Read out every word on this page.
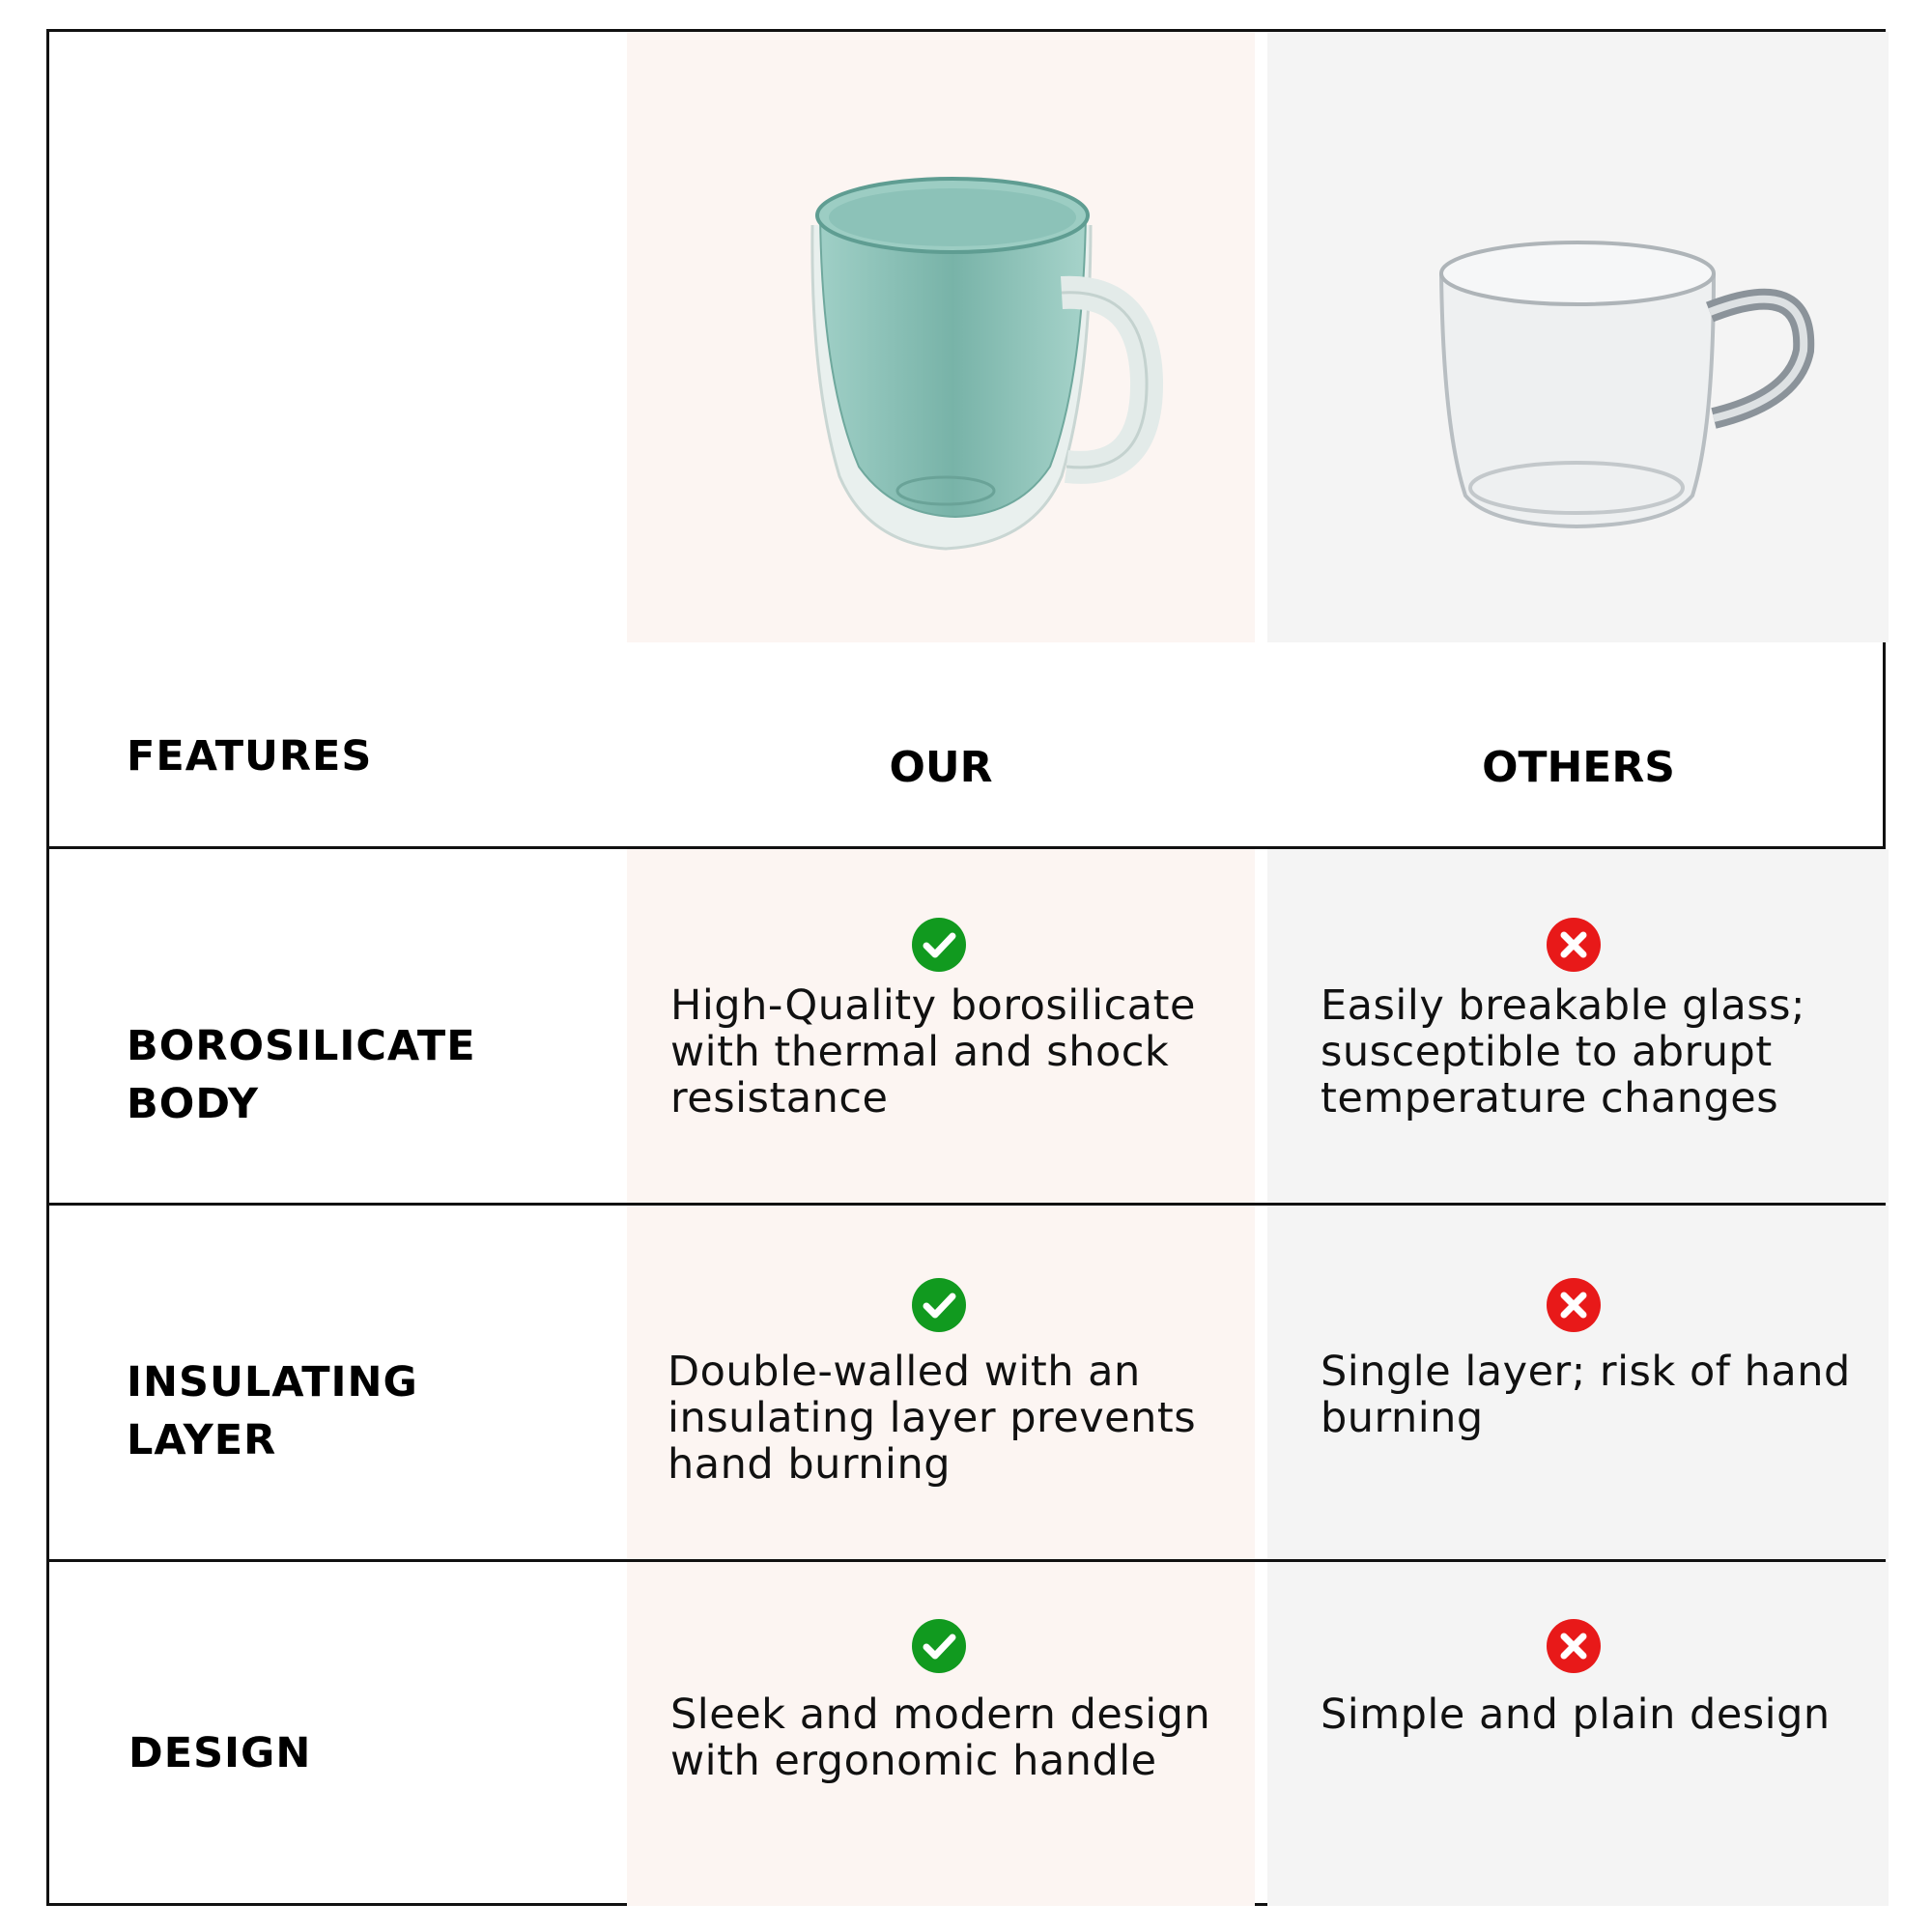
FEATURES	OUR	OTHERS
BOROSILICATE BODY
High-Quality borosilicate with thermal and shock resistance
Easily breakable glass; susceptible to abrupt temperature changes
INSULATING LAYER
Double-walled with an insulating layer prevents hand burning
Single layer; risk of hand burning
DESIGN
Sleek and modern design with ergonomic handle
Simple and plain design
